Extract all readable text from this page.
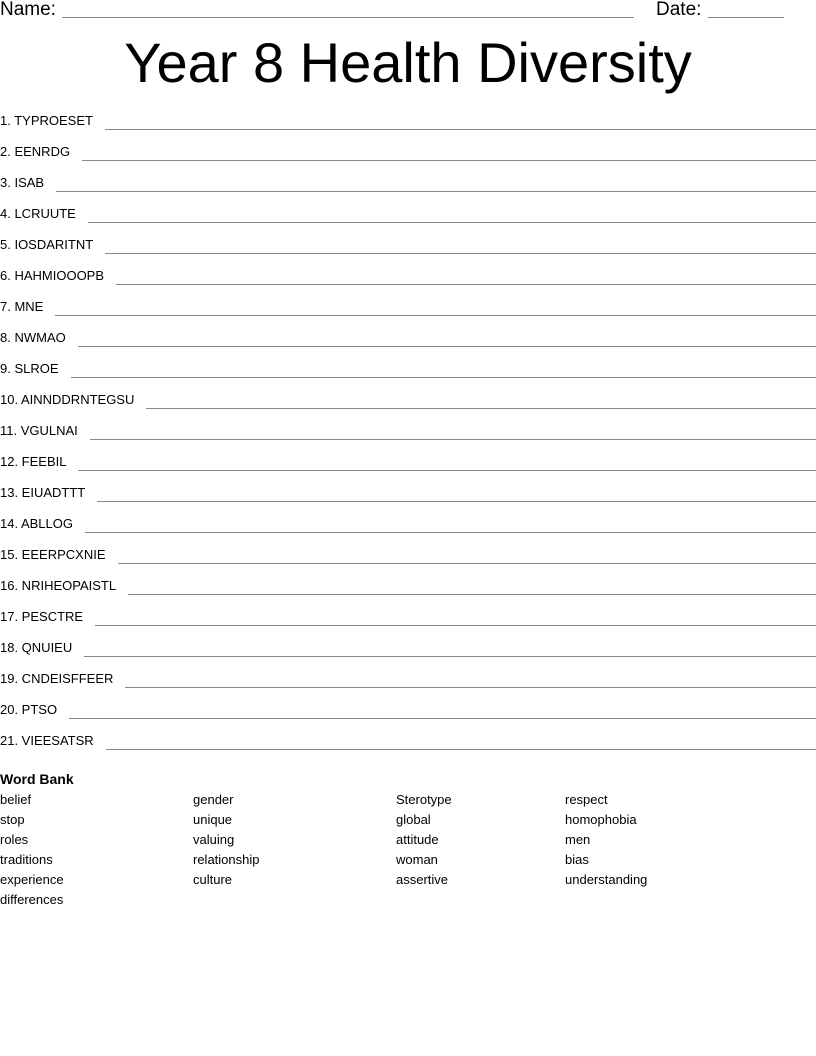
Name:	Date:
Year 8 Health Diversity
1. TYPROESET
2. EENRDG
3. ISAB
4. LCRUUTE
5. IOSDARITNT
6. HAHMIOOOPB
7. MNE
8. NWMAO
9. SLROE
10. AINNDDRNTEGSU
11. VGULNAI
12. FEEBIL
13. EIUADTTT
14. ABLLOG
15. EEERPCXNIE
16. NRIHEOPAISTL
17. PESCTRE
18. QNUIEU
19. CNDEISFFEER
20. PTSO
21. VIEESATSR
Word Bank
belief
stop
roles
traditions
experience
differences
gender
unique
valuing
relationship
culture
Sterotype
global
attitude
woman
assertive
respect
homophobia
men
bias
understanding
